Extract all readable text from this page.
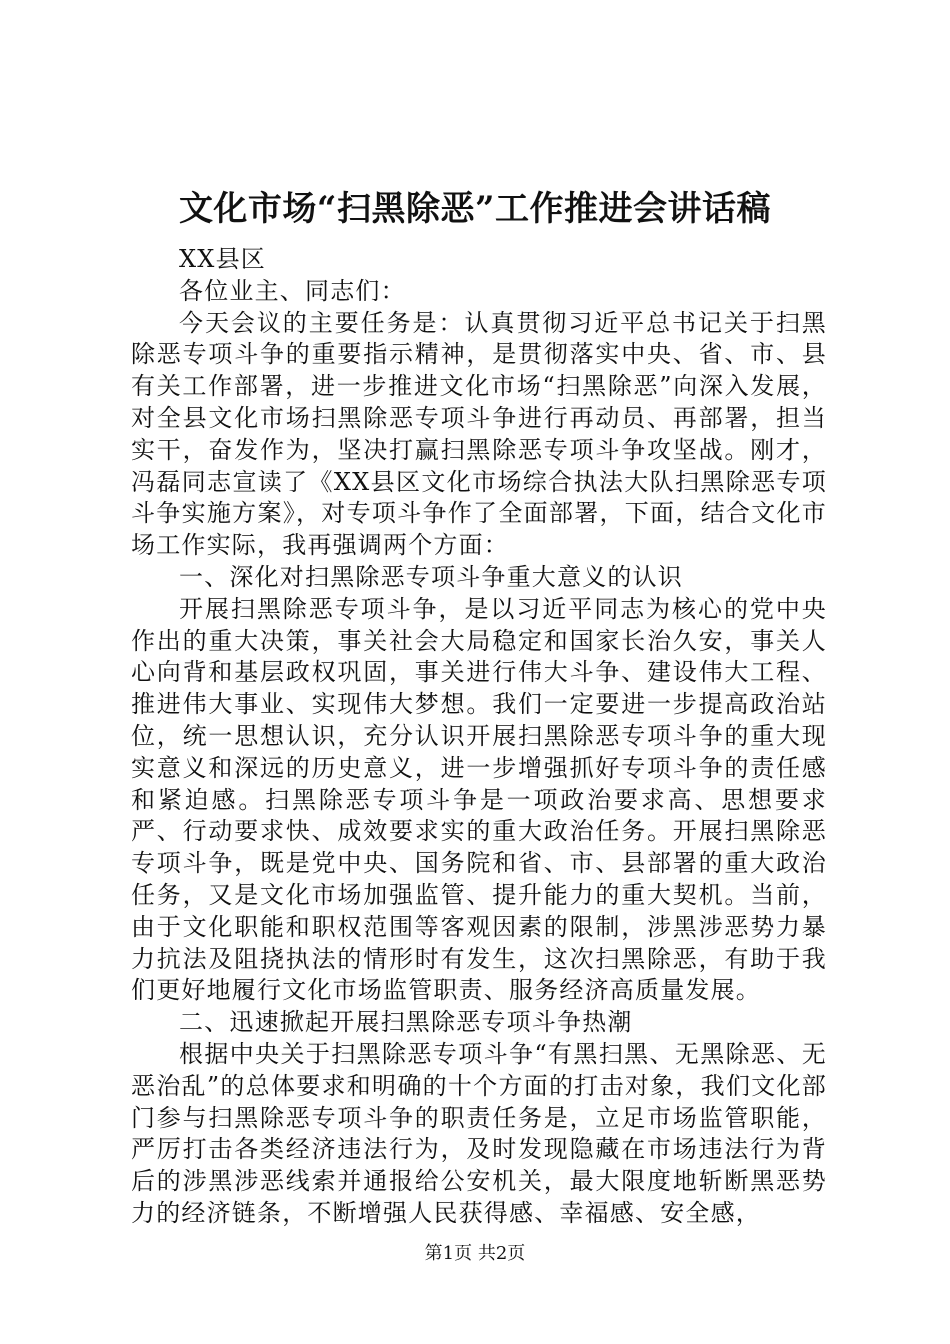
文化市场“扫黑除恶”工作推进会讲话稿

XX县区

各位业主、同志们：

今天会议的主要任务是：认真贯彻习近平总书记关于扫黑除恶专项斗争的重要指示精神，是贯彻落实中央、省、市、县有关工作部署，进一步推进文化市场“扫黑除恶”向深入发展，对全县文化市场扫黑除恶专项斗争进行再动员、再部署，担当实干，奋发作为，坚决打赢扫黑除恶专项斗争攻坚战。刚才，冯磊同志宣读了《XX县区文化市场综合执法大队扫黑除恶专项斗争实施方案》，对专项斗争作了全面部署，下面，结合文化市场工作实际，我再强调两个方面：

一、深化对扫黑除恶专项斗争重大意义的认识

开展扫黑除恶专项斗争，是以习近平同志为核心的党中央作出的重大决策，事关社会大局稳定和国家长治久安，事关人心向背和基层政权巩固，事关进行伟大斗争、建设伟大工程、推进伟大事业、实现伟大梦想。我们一定要进一步提高政治站位，统一思想认识，充分认识开展扫黑除恶专项斗争的重大现实意义和深远的历史意义，进一步增强抓好专项斗争的责任感和紧迫感。扫黑除恶专项斗争是一项政治要求高、思想要求严、行动要求快、成效要求实的重大政治任务。开展扫黑除恶专项斗争，既是党中央、国务院和省、市、县部署的重大政治任务，又是文化市场加强监管、提升能力的重大契机。当前，由于文化职能和职权范围等客观因素的限制，涉黑涉恶势力暴力抗法及阻挠执法的情形时有发生，这次扫黑除恶，有助于我们更好地履行文化市场监管职责、服务经济高质量发展。

二、迅速掀起开展扫黑除恶专项斗争热潮

根据中央关于扫黑除恶专项斗争“有黑扫黑、无黑除恶、无恶治乱”的总体要求和明确的十个方面的打击对象，我们文化部门参与扫黑除恶专项斗争的职责任务是，立足市场监管职能，严厉打击各类经济违法行为，及时发现隐藏在市场违法行为背后的涉黑涉恶线索并通报给公安机关，最大限度地斩断黑恶势力的经济链条，不断增强人民获得感、幸福感、安全感，

第1页 共2页
